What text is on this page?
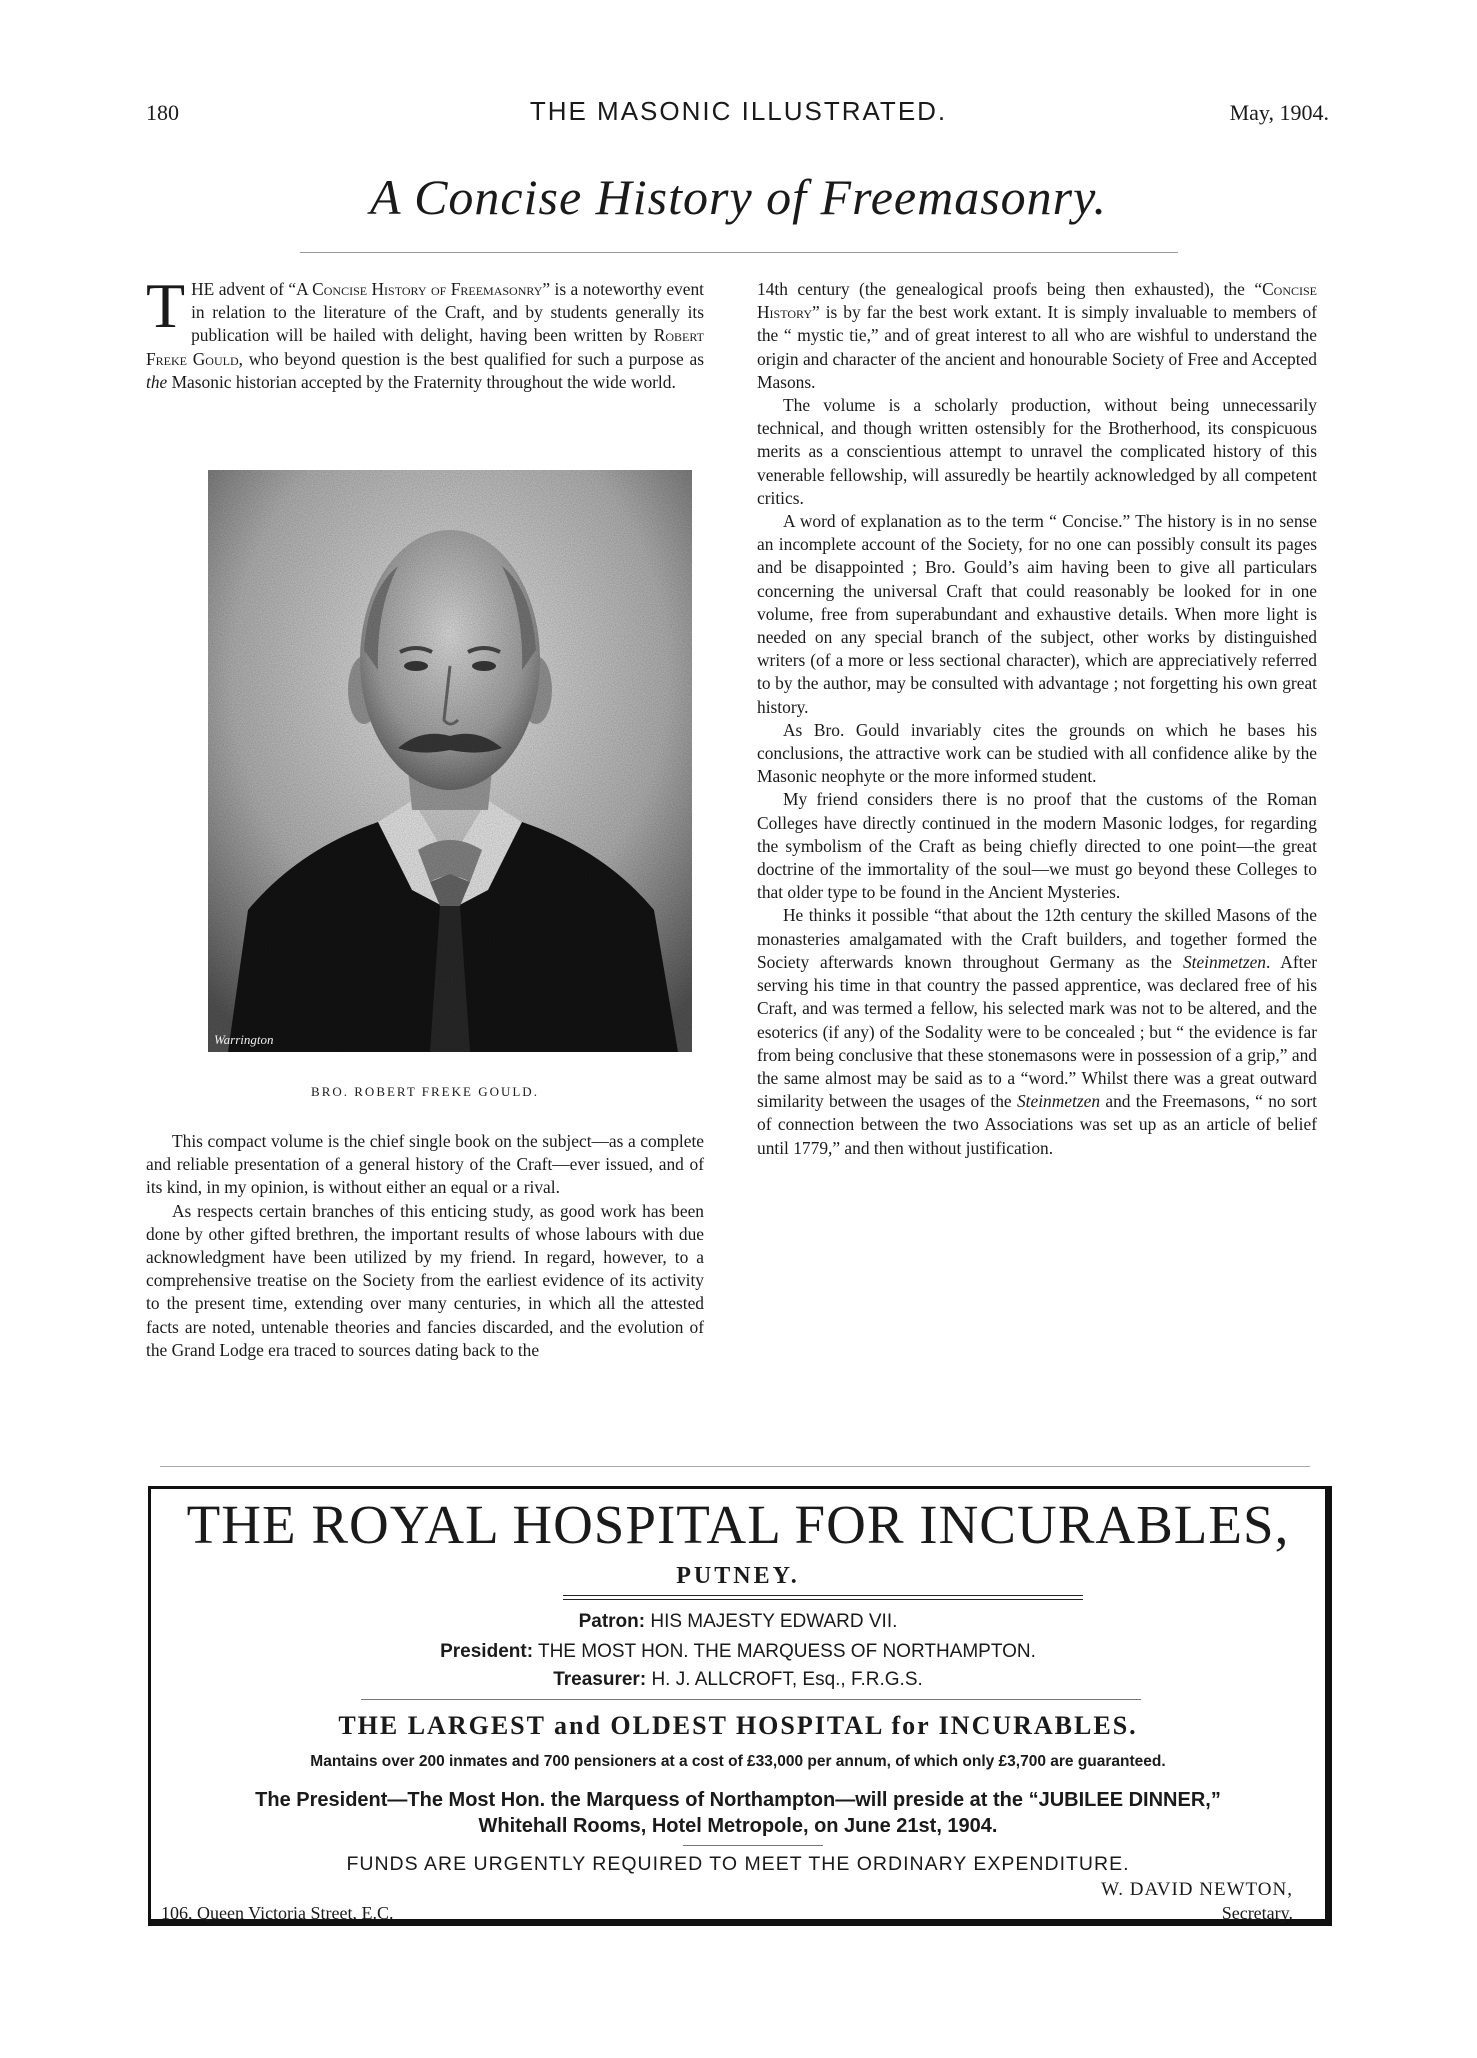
180	THE MASONIC ILLUSTRATED.	May, 1904.
A Concise History of Freemasonry.

THE advent of “A Concise History of Freemasonry” is a noteworthy event in relation to the literature of the Craft, and by students generally its publication will be hailed with delight, having been written by Robert Freke Gould, who beyond question is the best qualified for such a purpose as the Masonic historian accepted by the Fraternity throughout the wide world.

Warrington
BRO. ROBERT FREKE GOULD.

This compact volume is the chief single book on the subject—as a complete and reliable presentation of a general history of the Craft—ever issued, and of its kind, in my opinion, is without either an equal or a rival.

As respects certain branches of this enticing study, as good work has been done by other gifted brethren, the important results of whose labours with due acknowledgment have been utilized by my friend. In regard, however, to a comprehensive treatise on the Society from the earliest evidence of its activity to the present time, extending over many centuries, in which all the attested facts are noted, untenable theories and fancies discarded, and the evolution of the Grand Lodge era traced to sources dating back to the

14th century (the genealogical proofs being then exhausted), the “Concise History” is by far the best work extant. It is simply invaluable to members of the “ mystic tie,” and of great interest to all who are wishful to understand the origin and character of the ancient and honourable Society of Free and Accepted Masons.

The volume is a scholarly production, without being unnecessarily technical, and though written ostensibly for the Brotherhood, its conspicuous merits as a conscientious attempt to unravel the complicated history of this venerable fellowship, will assuredly be heartily acknowledged by all competent critics.

A word of explanation as to the term “ Concise.” The history is in no sense an incomplete account of the Society, for no one can possibly consult its pages and be disappointed ; Bro. Gould’s aim having been to give all particulars concerning the universal Craft that could reasonably be looked for in one volume, free from superabundant and exhaustive details. When more light is needed on any special branch of the subject, other works by distinguished writers (of a more or less sectional character), which are appreciatively referred to by the author, may be consulted with advantage ; not forgetting his own great history.

As Bro. Gould invariably cites the grounds on which he bases his conclusions, the attractive work can be studied with all confidence alike by the Masonic neophyte or the more informed student.

My friend considers there is no proof that the customs of the Roman Colleges have directly continued in the modern Masonic lodges, for regarding the symbolism of the Craft as being chiefly directed to one point—the great doctrine of the immortality of the soul—we must go beyond these Colleges to that older type to be found in the Ancient Mysteries.

He thinks it possible “that about the 12th century the skilled Masons of the monasteries amalgamated with the Craft builders, and together formed the Society afterwards known throughout Germany as the Steinmetzen. After serving his time in that country the passed apprentice, was declared free of his Craft, and was termed a fellow, his selected mark was not to be altered, and the esoterics (if any) of the Sodality were to be concealed ; but “ the evidence is far from being conclusive that these stonemasons were in possession of a grip,” and the same almost may be said as to a “word.” Whilst there was a great outward similarity between the usages of the Steinmetzen and the Freemasons, “ no sort of connection between the two Associations was set up as an article of belief until 1779,” and then without justification.

THE ROYAL HOSPITAL FOR INCURABLES,
PUTNEY.
Patron: HIS MAJESTY EDWARD VII.
President: THE MOST HON. THE MARQUESS OF NORTHAMPTON.
Treasurer: H. J. ALLCROFT, Esq., F.R.G.S.
THE LARGEST and OLDEST HOSPITAL for INCURABLES.
Mantains over 200 inmates and 700 pensioners at a cost of £33,000 per annum, of which only £3,700 are guaranteed.
The President—The Most Hon. the Marquess of Northampton—will preside at the “JUBILEE DINNER,”
Whitehall Rooms, Hotel Metropole, on June 21st, 1904.
FUNDS ARE URGENTLY REQUIRED TO MEET THE ORDINARY EXPENDITURE.
W. DAVID NEWTON,
106, Queen Victoria Street, E.C.	Secretary.
